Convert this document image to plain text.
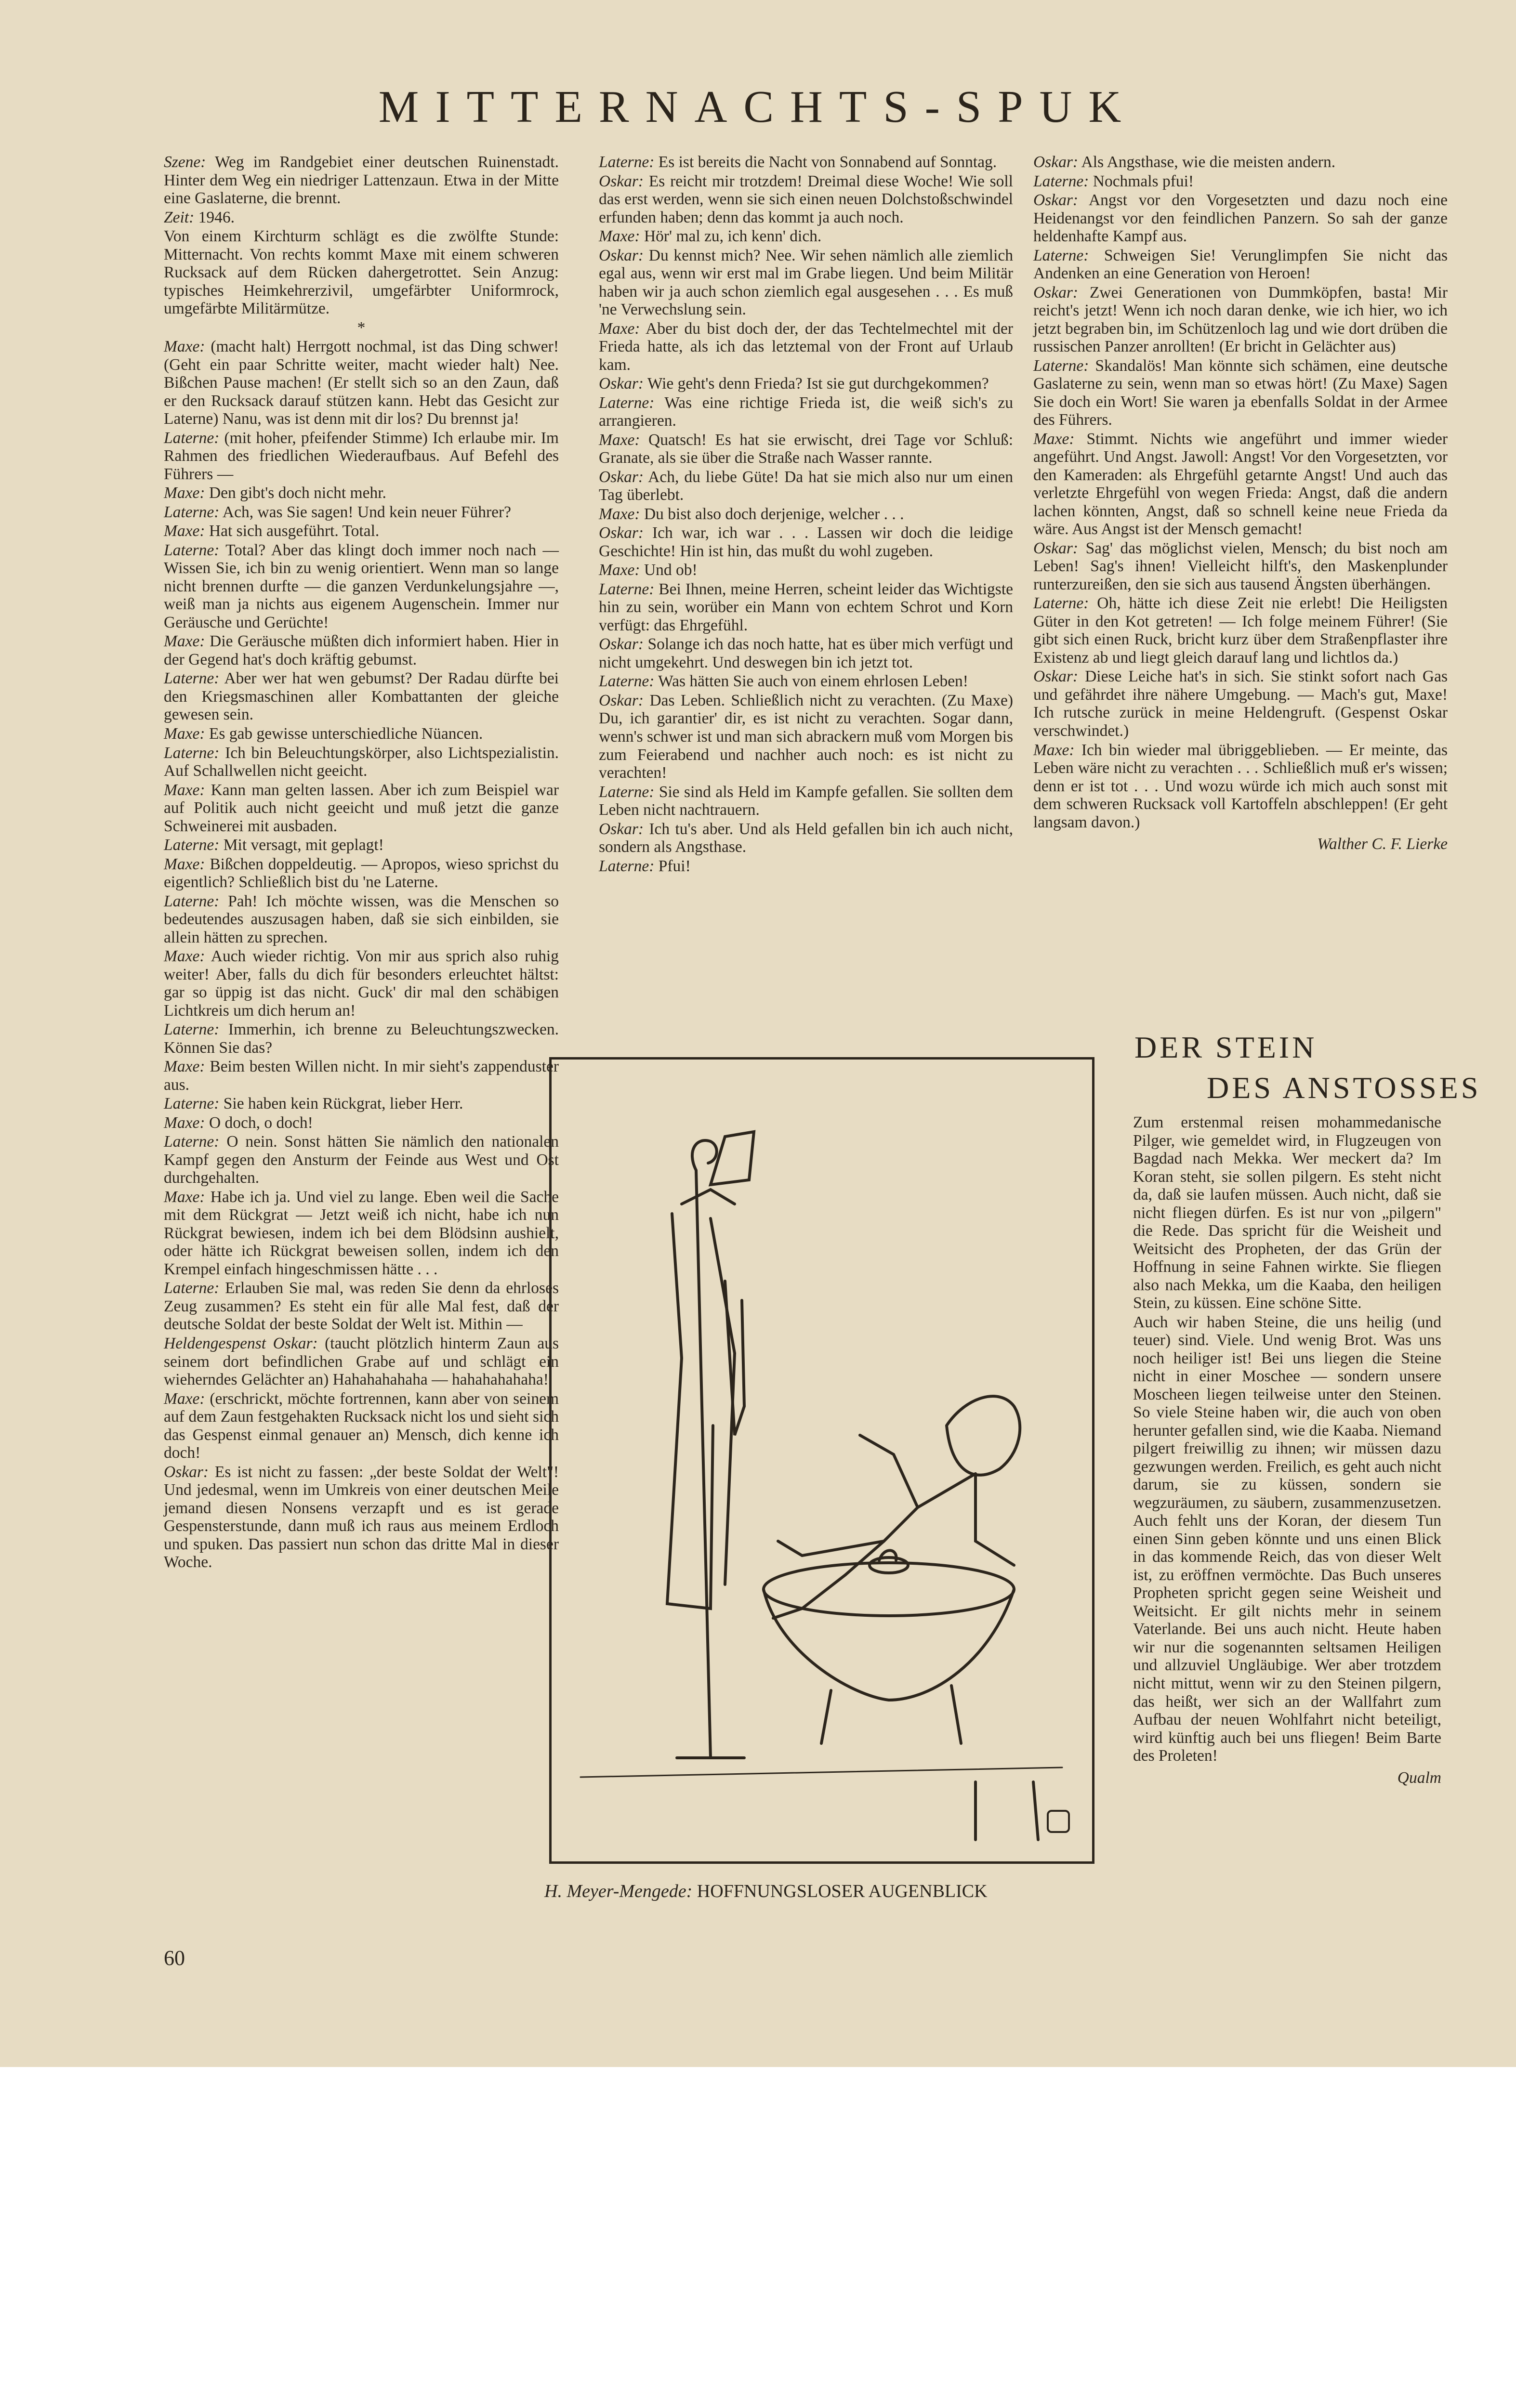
MITTERNACHTS-SPUK

Szene: Weg im Randgebiet einer deutschen Ruinenstadt. Hinter dem Weg ein niedriger Lattenzaun. Etwa in der Mitte eine Gaslaterne, die brennt.

Zeit: 1946.

Von einem Kirchturm schlägt es die zwölfte Stunde: Mitternacht. Von rechts kommt Maxe mit einem schweren Rucksack auf dem Rücken dahergetrottet. Sein Anzug: typisches Heimkehrerzivil, umgefärbter Uniformrock, umgefärbte Militärmütze.

*

Maxe: (macht halt) Herrgott nochmal, ist das Ding schwer! (Geht ein paar Schritte weiter, macht wieder halt) Nee. Bißchen Pause machen! (Er stellt sich so an den Zaun, daß er den Rucksack darauf stützen kann. Hebt das Gesicht zur Laterne) Nanu, was ist denn mit dir los? Du brennst ja!

Laterne: (mit hoher, pfeifender Stimme) Ich erlaube mir. Im Rahmen des friedlichen Wiederaufbaus. Auf Befehl des Führers —

Maxe: Den gibt's doch nicht mehr.

Laterne: Ach, was Sie sagen! Und kein neuer Führer?

Maxe: Hat sich ausgeführt. Total.

Laterne: Total? Aber das klingt doch immer noch nach — Wissen Sie, ich bin zu wenig orientiert. Wenn man so lange nicht brennen durfte — die ganzen Verdunkelungsjahre —, weiß man ja nichts aus eigenem Augenschein. Immer nur Geräusche und Gerüchte!

Maxe: Die Geräusche müßten dich informiert haben. Hier in der Gegend hat's doch kräftig gebumst.

Laterne: Aber wer hat wen gebumst? Der Radau dürfte bei den Kriegsmaschinen aller Kombattanten der gleiche gewesen sein.

Maxe: Es gab gewisse unterschiedliche Nüancen.

Laterne: Ich bin Beleuchtungskörper, also Lichtspezialistin. Auf Schallwellen nicht geeicht.

Maxe: Kann man gelten lassen. Aber ich zum Beispiel war auf Politik auch nicht geeicht und muß jetzt die ganze Schweinerei mit ausbaden.

Laterne: Mit versagt, mit geplagt!

Maxe: Bißchen doppeldeutig. — Apropos, wieso sprichst du eigentlich? Schließlich bist du 'ne Laterne.

Laterne: Pah! Ich möchte wissen, was die Menschen so bedeutendes auszusagen haben, daß sie sich einbilden, sie allein hätten zu sprechen.

Maxe: Auch wieder richtig. Von mir aus sprich also ruhig weiter! Aber, falls du dich für besonders erleuchtet hältst: gar so üppig ist das nicht. Guck' dir mal den schäbigen Lichtkreis um dich herum an!

Laterne: Immerhin, ich brenne zu Beleuchtungszwecken. Können Sie das?

Maxe: Beim besten Willen nicht. In mir sieht's zappenduster aus.

Laterne: Sie haben kein Rückgrat, lieber Herr.

Maxe: O doch, o doch!

Laterne: O nein. Sonst hätten Sie nämlich den nationalen Kampf gegen den Ansturm der Feinde aus West und Ost durchgehalten.

Maxe: Habe ich ja. Und viel zu lange. Eben weil die Sache mit dem Rückgrat — Jetzt weiß ich nicht, habe ich nun Rückgrat bewiesen, indem ich bei dem Blödsinn aushielt, oder hätte ich Rückgrat beweisen sollen, indem ich den Krempel einfach hingeschmissen hätte . . .

Laterne: Erlauben Sie mal, was reden Sie denn da ehrloses Zeug zusammen? Es steht ein für alle Mal fest, daß der deutsche Soldat der beste Soldat der Welt ist. Mithin —

Heldengespenst Oskar: (taucht plötzlich hinterm Zaun aus seinem dort befindlichen Grabe auf und schlägt ein wieherndes Gelächter an) Hahahahahaha — hahahahahaha!

Maxe: (erschrickt, möchte fortrennen, kann aber von seinem auf dem Zaun festgehakten Rucksack nicht los und sieht sich das Gespenst einmal genauer an) Mensch, dich kenne ich doch!

Oskar: Es ist nicht zu fassen: „der beste Soldat der Welt"! Und jedesmal, wenn im Umkreis von einer deutschen Meile jemand diesen Nonsens verzapft und es ist gerade Gespensterstunde, dann muß ich raus aus meinem Erdloch und spuken. Das passiert nun schon das dritte Mal in dieser Woche.

Laterne: Es ist bereits die Nacht von Sonnabend auf Sonntag.

Oskar: Es reicht mir trotzdem! Dreimal diese Woche! Wie soll das erst werden, wenn sie sich einen neuen Dolchstoßschwindel erfunden haben; denn das kommt ja auch noch.

Maxe: Hör' mal zu, ich kenn' dich.

Oskar: Du kennst mich? Nee. Wir sehen nämlich alle ziemlich egal aus, wenn wir erst mal im Grabe liegen. Und beim Militär haben wir ja auch schon ziemlich egal ausgesehen . . . Es muß 'ne Verwechslung sein.

Maxe: Aber du bist doch der, der das Techtelmechtel mit der Frieda hatte, als ich das letztemal von der Front auf Urlaub kam.

Oskar: Wie geht's denn Frieda? Ist sie gut durchgekommen?

Laterne: Was eine richtige Frieda ist, die weiß sich's zu arrangieren.

Maxe: Quatsch! Es hat sie erwischt, drei Tage vor Schluß: Granate, als sie über die Straße nach Wasser rannte.

Oskar: Ach, du liebe Güte! Da hat sie mich also nur um einen Tag überlebt.

Maxe: Du bist also doch derjenige, welcher . . .

Oskar: Ich war, ich war . . . Lassen wir doch die leidige Geschichte! Hin ist hin, das mußt du wohl zugeben.

Maxe: Und ob!

Laterne: Bei Ihnen, meine Herren, scheint leider das Wichtigste hin zu sein, worüber ein Mann von echtem Schrot und Korn verfügt: das Ehrgefühl.

Oskar: Solange ich das noch hatte, hat es über mich verfügt und nicht umgekehrt. Und deswegen bin ich jetzt tot.

Laterne: Was hätten Sie auch von einem ehrlosen Leben!

Oskar: Das Leben. Schließlich nicht zu verachten. (Zu Maxe) Du, ich garantier' dir, es ist nicht zu verachten. Sogar dann, wenn's schwer ist und man sich abrackern muß vom Morgen bis zum Feierabend und nachher auch noch: es ist nicht zu verachten!

Laterne: Sie sind als Held im Kampfe gefallen. Sie sollten dem Leben nicht nachtrauern.

Oskar: Ich tu's aber. Und als Held gefallen bin ich auch nicht, sondern als Angsthase.

Laterne: Pfui!

Oskar: Als Angsthase, wie die meisten andern.

Laterne: Nochmals pfui!

Oskar: Angst vor den Vorgesetzten und dazu noch eine Heidenangst vor den feindlichen Panzern. So sah der ganze heldenhafte Kampf aus.

Laterne: Schweigen Sie! Verunglimpfen Sie nicht das Andenken an eine Generation von Heroen!

Oskar: Zwei Generationen von Dummköpfen, basta! Mir reicht's jetzt! Wenn ich noch daran denke, wie ich hier, wo ich jetzt begraben bin, im Schützenloch lag und wie dort drüben die russischen Panzer anrollten! (Er bricht in Gelächter aus)

Laterne: Skandalös! Man könnte sich schämen, eine deutsche Gaslaterne zu sein, wenn man so etwas hört! (Zu Maxe) Sagen Sie doch ein Wort! Sie waren ja ebenfalls Soldat in der Armee des Führers.

Maxe: Stimmt. Nichts wie angeführt und immer wieder angeführt. Und Angst. Jawoll: Angst! Vor den Vorgesetzten, vor den Kameraden: als Ehrgefühl getarnte Angst! Und auch das verletzte Ehrgefühl von wegen Frieda: Angst, daß die andern lachen könnten, Angst, daß so schnell keine neue Frieda da wäre. Aus Angst ist der Mensch gemacht!

Oskar: Sag' das möglichst vielen, Mensch; du bist noch am Leben! Sag's ihnen! Vielleicht hilft's, den Maskenplunder runterzureißen, den sie sich aus tausend Ängsten überhängen.

Laterne: Oh, hätte ich diese Zeit nie erlebt! Die Heiligsten Güter in den Kot getreten! — Ich folge meinem Führer! (Sie gibt sich einen Ruck, bricht kurz über dem Straßenpflaster ihre Existenz ab und liegt gleich darauf lang und lichtlos da.)

Oskar: Diese Leiche hat's in sich. Sie stinkt sofort nach Gas und gefährdet ihre nähere Umgebung. — Mach's gut, Maxe! Ich rutsche zurück in meine Heldengruft. (Gespenst Oskar verschwindet.)

Maxe: Ich bin wieder mal übriggeblieben. — Er meinte, das Leben wäre nicht zu verachten . . . Schließlich muß er's wissen; denn er ist tot . . . Und wozu würde ich mich auch sonst mit dem schweren Rucksack voll Kartoffeln abschleppen! (Er geht langsam davon.)

Walther C. F. Lierke

H. Meyer-Mengede: HOFFNUNGSLOSER AUGENBLICK
DER STEIN
DES ANSTOSSES

Zum erstenmal reisen mohammedanische Pilger, wie gemeldet wird, in Flugzeugen von Bagdad nach Mekka. Wer meckert da? Im Koran steht, sie sollen pilgern. Es steht nicht da, daß sie laufen müssen. Auch nicht, daß sie nicht fliegen dürfen. Es ist nur von „pilgern" die Rede. Das spricht für die Weisheit und Weitsicht des Propheten, der das Grün der Hoffnung in seine Fahnen wirkte. Sie fliegen also nach Mekka, um die Kaaba, den heiligen Stein, zu küssen. Eine schöne Sitte.

Auch wir haben Steine, die uns heilig (und teuer) sind. Viele. Und wenig Brot. Was uns noch heiliger ist! Bei uns liegen die Steine nicht in einer Moschee — sondern unsere Moscheen liegen teilweise unter den Steinen. So viele Steine haben wir, die auch von oben herunter gefallen sind, wie die Kaaba. Niemand pilgert freiwillig zu ihnen; wir müssen dazu gezwungen werden. Freilich, es geht auch nicht darum, sie zu küssen, sondern sie wegzuräumen, zu säubern, zusammenzusetzen. Auch fehlt uns der Koran, der diesem Tun einen Sinn geben könnte und uns einen Blick in das kommende Reich, das von dieser Welt ist, zu eröffnen vermöchte. Das Buch unseres Propheten spricht gegen seine Weisheit und Weitsicht. Er gilt nichts mehr in seinem Vaterlande. Bei uns auch nicht. Heute haben wir nur die sogenannten seltsamen Heiligen und allzuviel Ungläubige. Wer aber trotzdem nicht mittut, wenn wir zu den Steinen pilgern, das heißt, wer sich an der Wallfahrt zum Aufbau der neuen Wohlfahrt nicht beteiligt, wird künftig auch bei uns fliegen! Beim Barte des Proleten!

Qualm

60
